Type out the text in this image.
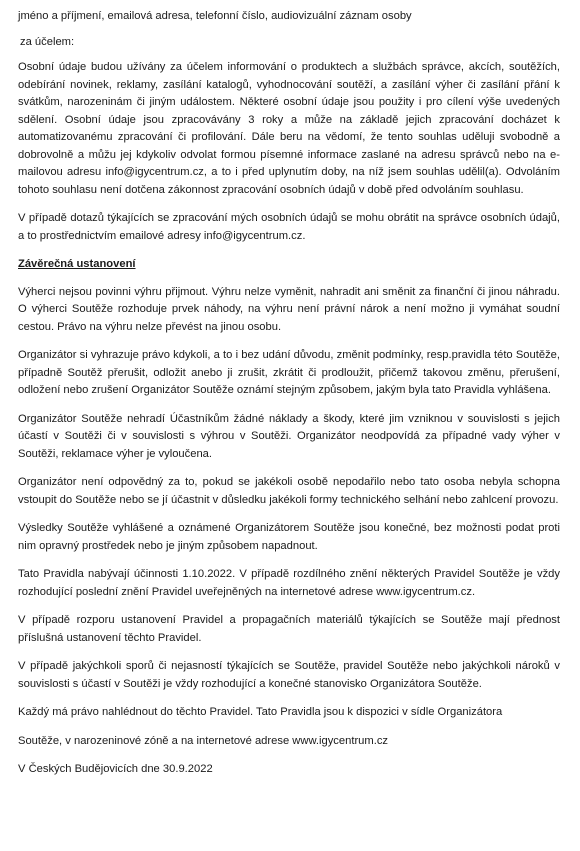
jméno a příjmení, emailová adresa, telefonní číslo, audiovizuální záznam osoby

za účelem:

Osobní údaje budou užívány za účelem informování o produktech a službách správce, akcích, soutěžích, odebírání novinek, reklamy, zasílání katalogů, vyhodnocování soutěží, a zasílání výher či zasílání přání k svátkům, narozeninám či jiným událostem. Některé osobní údaje jsou použity i pro cílení výše uvedených sdělení. Osobní údaje jsou zpracovávány 3 roky a může na základě jejich zpracování docházet k automatizovanému zpracování či profilování. Dále beru na vědomí, že tento souhlas uděluji svobodně a dobrovolně a můžu jej kdykoliv odvolat formou písemné informace zaslané na adresu správců nebo na e-mailovou adresu info@igycentrum.cz, a to i před uplynutím doby, na níž jsem souhlas udělil(a). Odvoláním tohoto souhlasu není dotčena zákonnost zpracování osobních údajů v době před odvoláním souhlasu.

V případě dotazů týkajících se zpracování mých osobních údajů se mohu obrátit na správce osobních údajů, a to prostřednictvím emailové adresy info@igycentrum.cz.

Závěrečná ustanovení

Výherci nejsou povinni výhru přijmout. Výhru nelze vyměnit, nahradit ani směnit za finanční či jinou náhradu. O výherci Soutěže rozhoduje prvek náhody, na výhru není právní nárok a není možno ji vymáhat soudní cestou. Právo na výhru nelze převést na jinou osobu.

Organizátor si vyhrazuje právo kdykoli, a to i bez udání důvodu, změnit podmínky, resp.pravidla této Soutěže, případně Soutěž přerušit, odložit anebo ji zrušit, zkrátit či prodloužit, přičemž takovou změnu, přerušení, odložení nebo zrušení Organizátor Soutěže oznámí stejným způsobem, jakým byla tato Pravidla vyhlášena.

Organizátor Soutěže nehradí Účastníkům žádné náklady a škody, které jim vzniknou v souvislosti s jejich účastí v Soutěži či v souvislosti s výhrou v Soutěži. Organizátor neodpovídá za případné vady výher v Soutěži, reklamace výher je vyloučena.

Organizátor není odpovědný za to, pokud se jakékoli osobě nepodařilo nebo tato osoba nebyla schopna vstoupit do Soutěže nebo se jí účastnit v důsledku jakékoli formy technického selhání nebo zahlcení provozu.

Výsledky Soutěže vyhlášené a oznámené Organizátorem Soutěže jsou konečné, bez možnosti podat proti nim opravný prostředek nebo je jiným způsobem napadnout.

Tato Pravidla nabývají účinnosti 1.10.2022. V případě rozdílného znění některých Pravidel Soutěže je vždy rozhodující poslední znění Pravidel uveřejněných na internetové adrese www.igycentrum.cz.

V případě rozporu ustanovení Pravidel a propagačních materiálů týkajících se Soutěže mají přednost příslušná ustanovení těchto Pravidel.

V případě jakýchkoli sporů či nejasností týkajících se Soutěže, pravidel Soutěže nebo jakýchkoli nároků v souvislosti s účastí v Soutěži je vždy rozhodující a konečné stanovisko Organizátora Soutěže.

Každý má právo nahlédnout do těchto Pravidel. Tato Pravidla jsou k dispozici v sídle Organizátora

Soutěže, v narozeninové zóně a na internetové adrese www.igycentrum.cz

V Českých Budějovicích dne 30.9.2022
